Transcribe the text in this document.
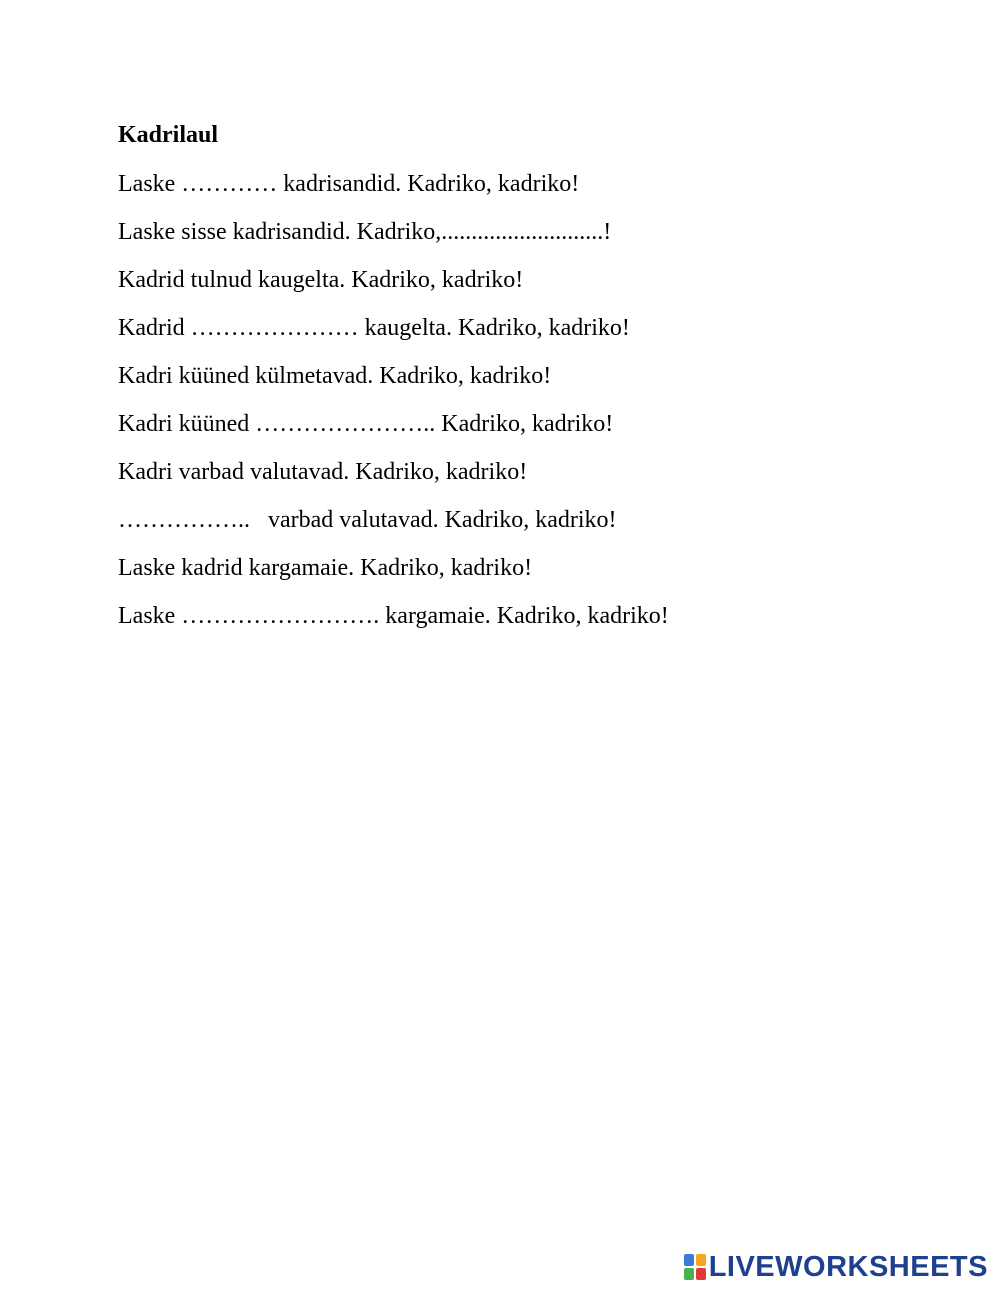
Kadrilaul
Laske ………… kadrisandid. Kadriko, kadriko!
Laske sisse kadrisandid. Kadriko,...........................!
Kadrid tulnud kaugelta. Kadriko, kadriko!
Kadrid ………………… kaugelta. Kadriko, kadriko!
Kadri küüned külmetavad. Kadriko, kadriko!
Kadri küüned ………………….. Kadriko, kadriko!
Kadri varbad valutavad. Kadriko, kadriko!
……………..   varbad valutavad. Kadriko, kadriko!
Laske kadrid kargamaie. Kadriko, kadriko!
Laske ……………………. kargamaie. Kadriko, kadriko!
LIVEWORKSHEETS
